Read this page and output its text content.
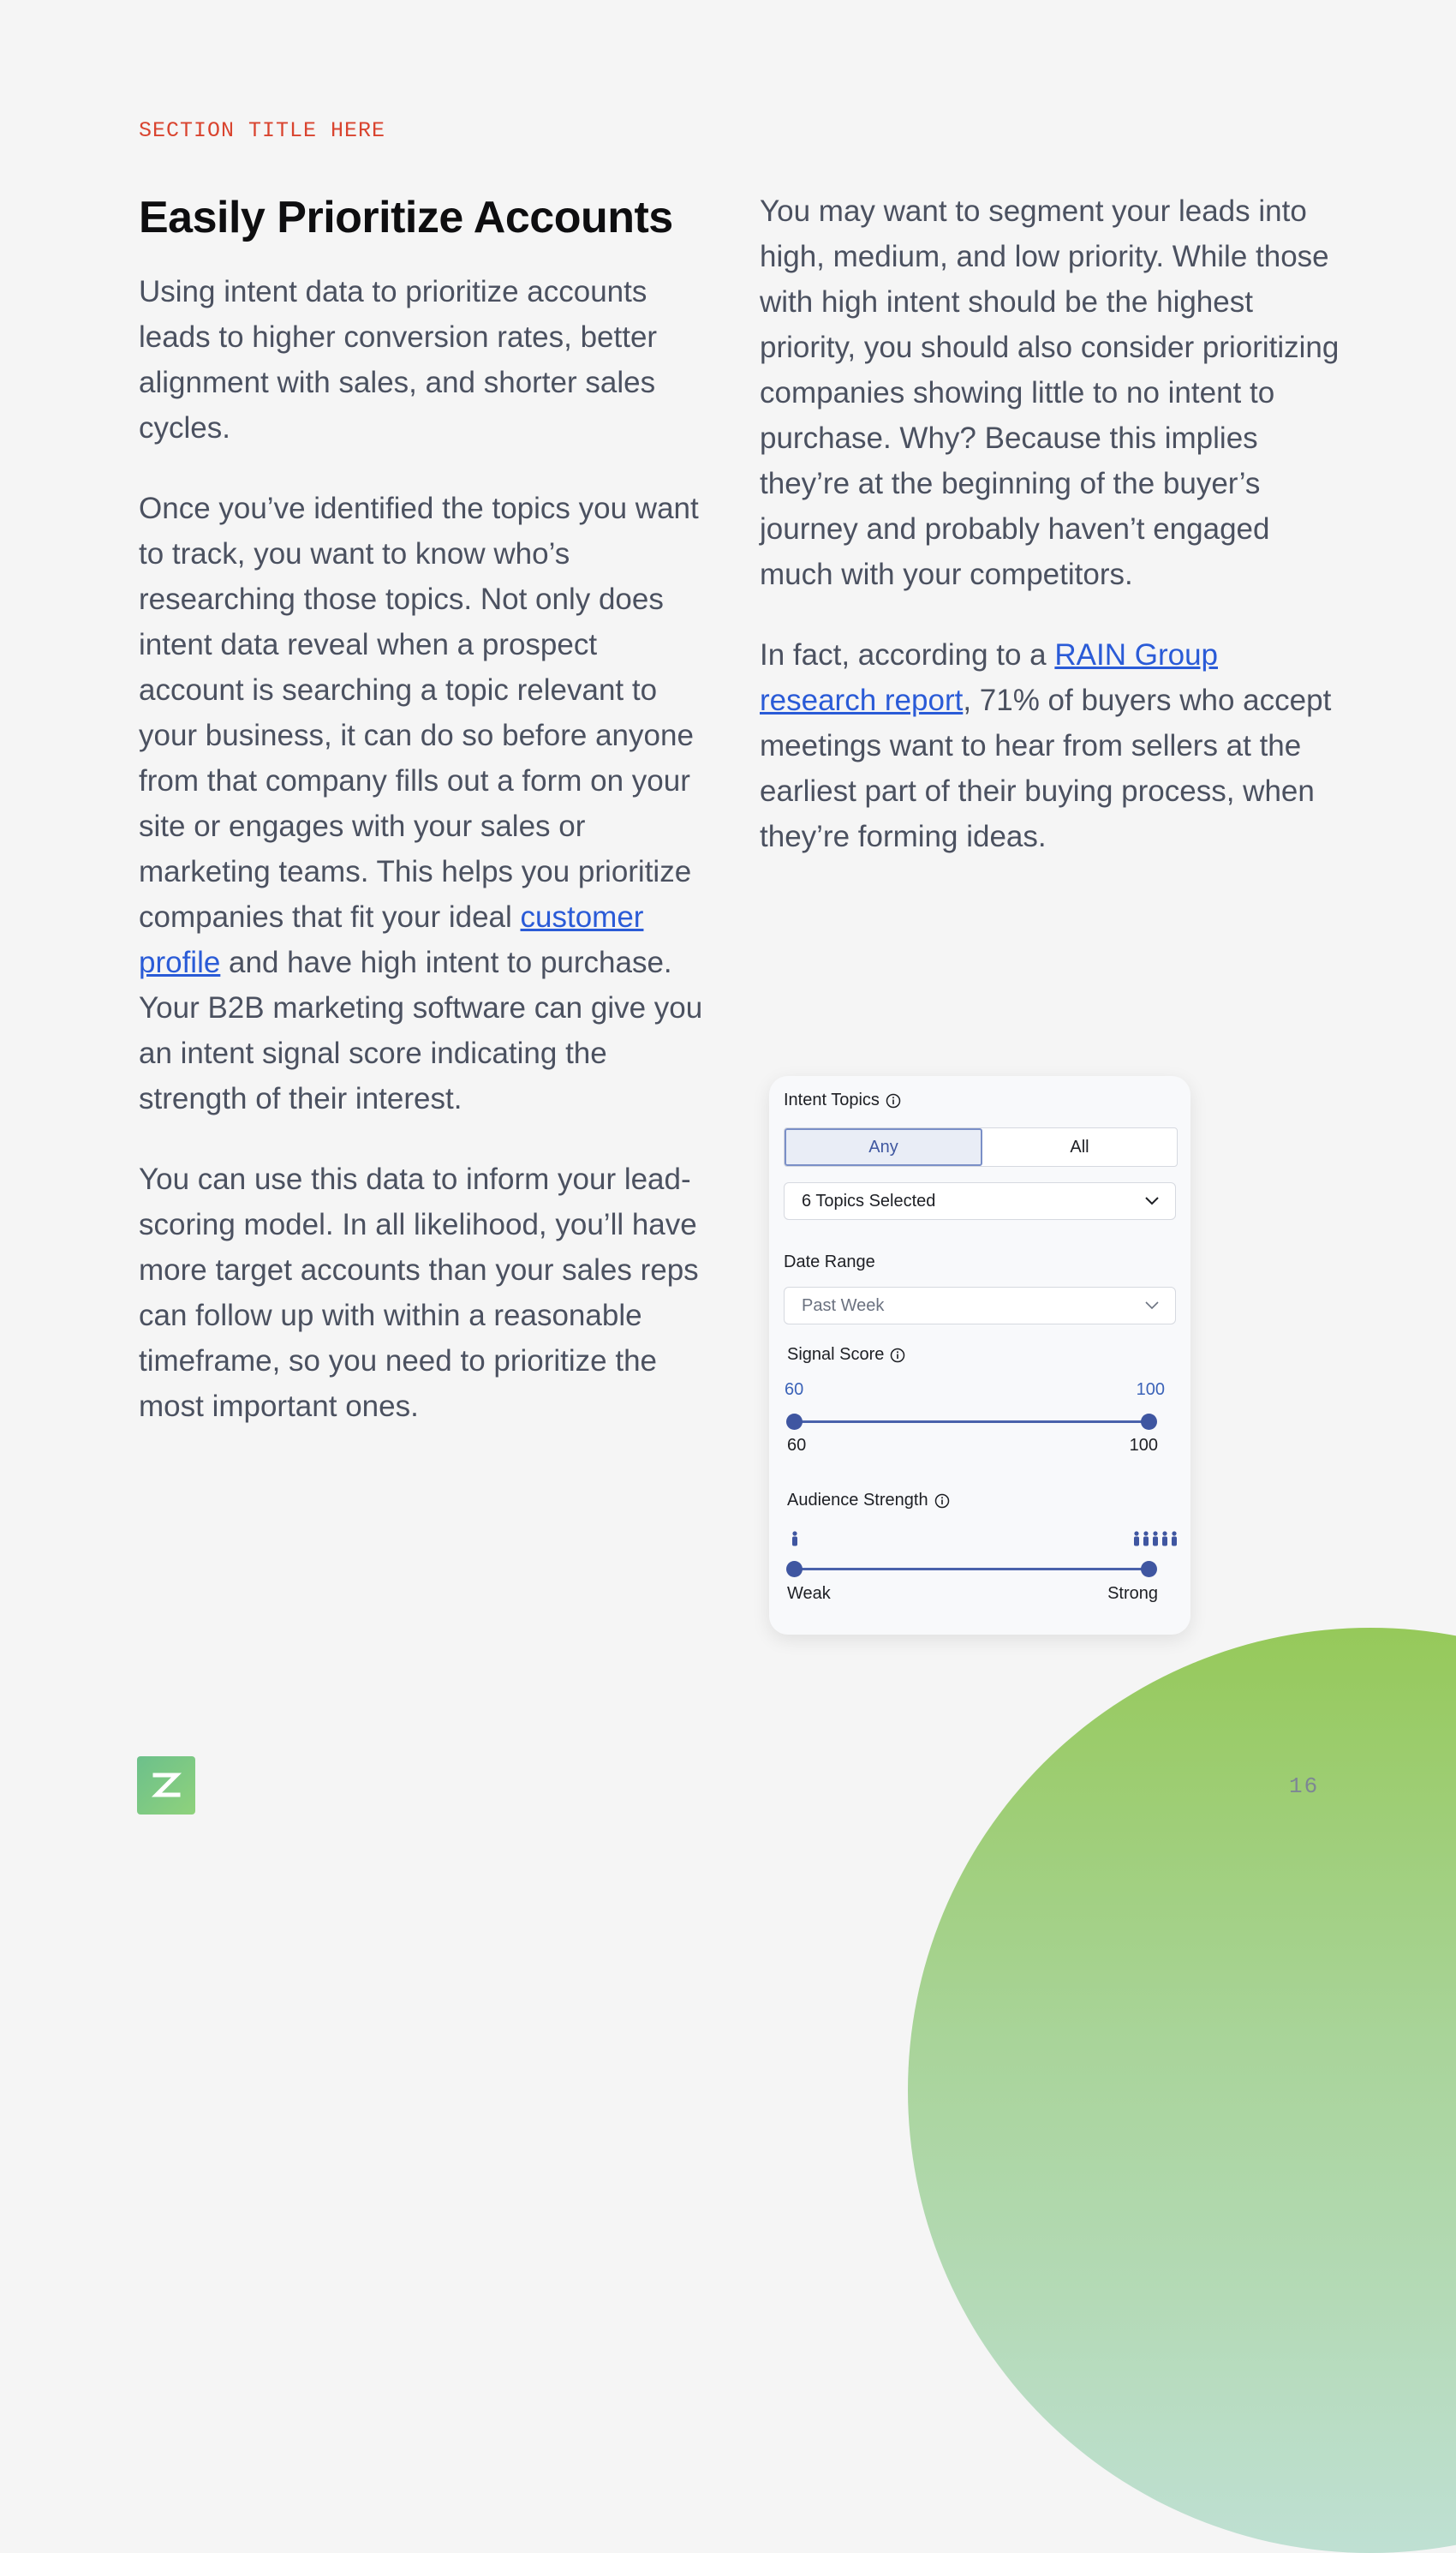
SECTION TITLE HERE
Easily Prioritize Accounts

Using intent data to prioritize accounts leads to higher conversion rates, better alignment with sales, and shorter sales cycles.

Once you’ve identified the topics you want to track, you want to know who’s researching those topics. Not only does intent data reveal when a prospect account is searching a topic relevant to your business, it can do so before anyone from that company fills out a form on your site or engages with your sales or marketing teams. This helps you prioritize companies that fit your ideal customer profile and have high intent to purchase. Your B2B marketing software can give you an intent signal score indicating the strength of their interest.

You can use this data to inform your lead-scoring model. In all likelihood, you’ll have more target accounts than your sales reps can follow up with within a reasonable timeframe, so you need to prioritize the most important ones.

You may want to segment your leads into high, medium, and low priority. While those with high intent should be the highest priority, you should also consider prioritizing companies showing little to no intent to purchase. Why? Because this implies they’re at the beginning of the buyer’s journey and probably haven’t engaged much with your competitors.

In fact, according to a RAIN Group research report, 71% of buyers who accept meetings want to hear from sellers at the earliest part of their buying process, when they’re forming ideas.

Intent Topics
Any	All
6 Topics Selected
Date Range
Past Week
Signal Score
60	100
60	100
Audience Strength
Weak	Strong
16
